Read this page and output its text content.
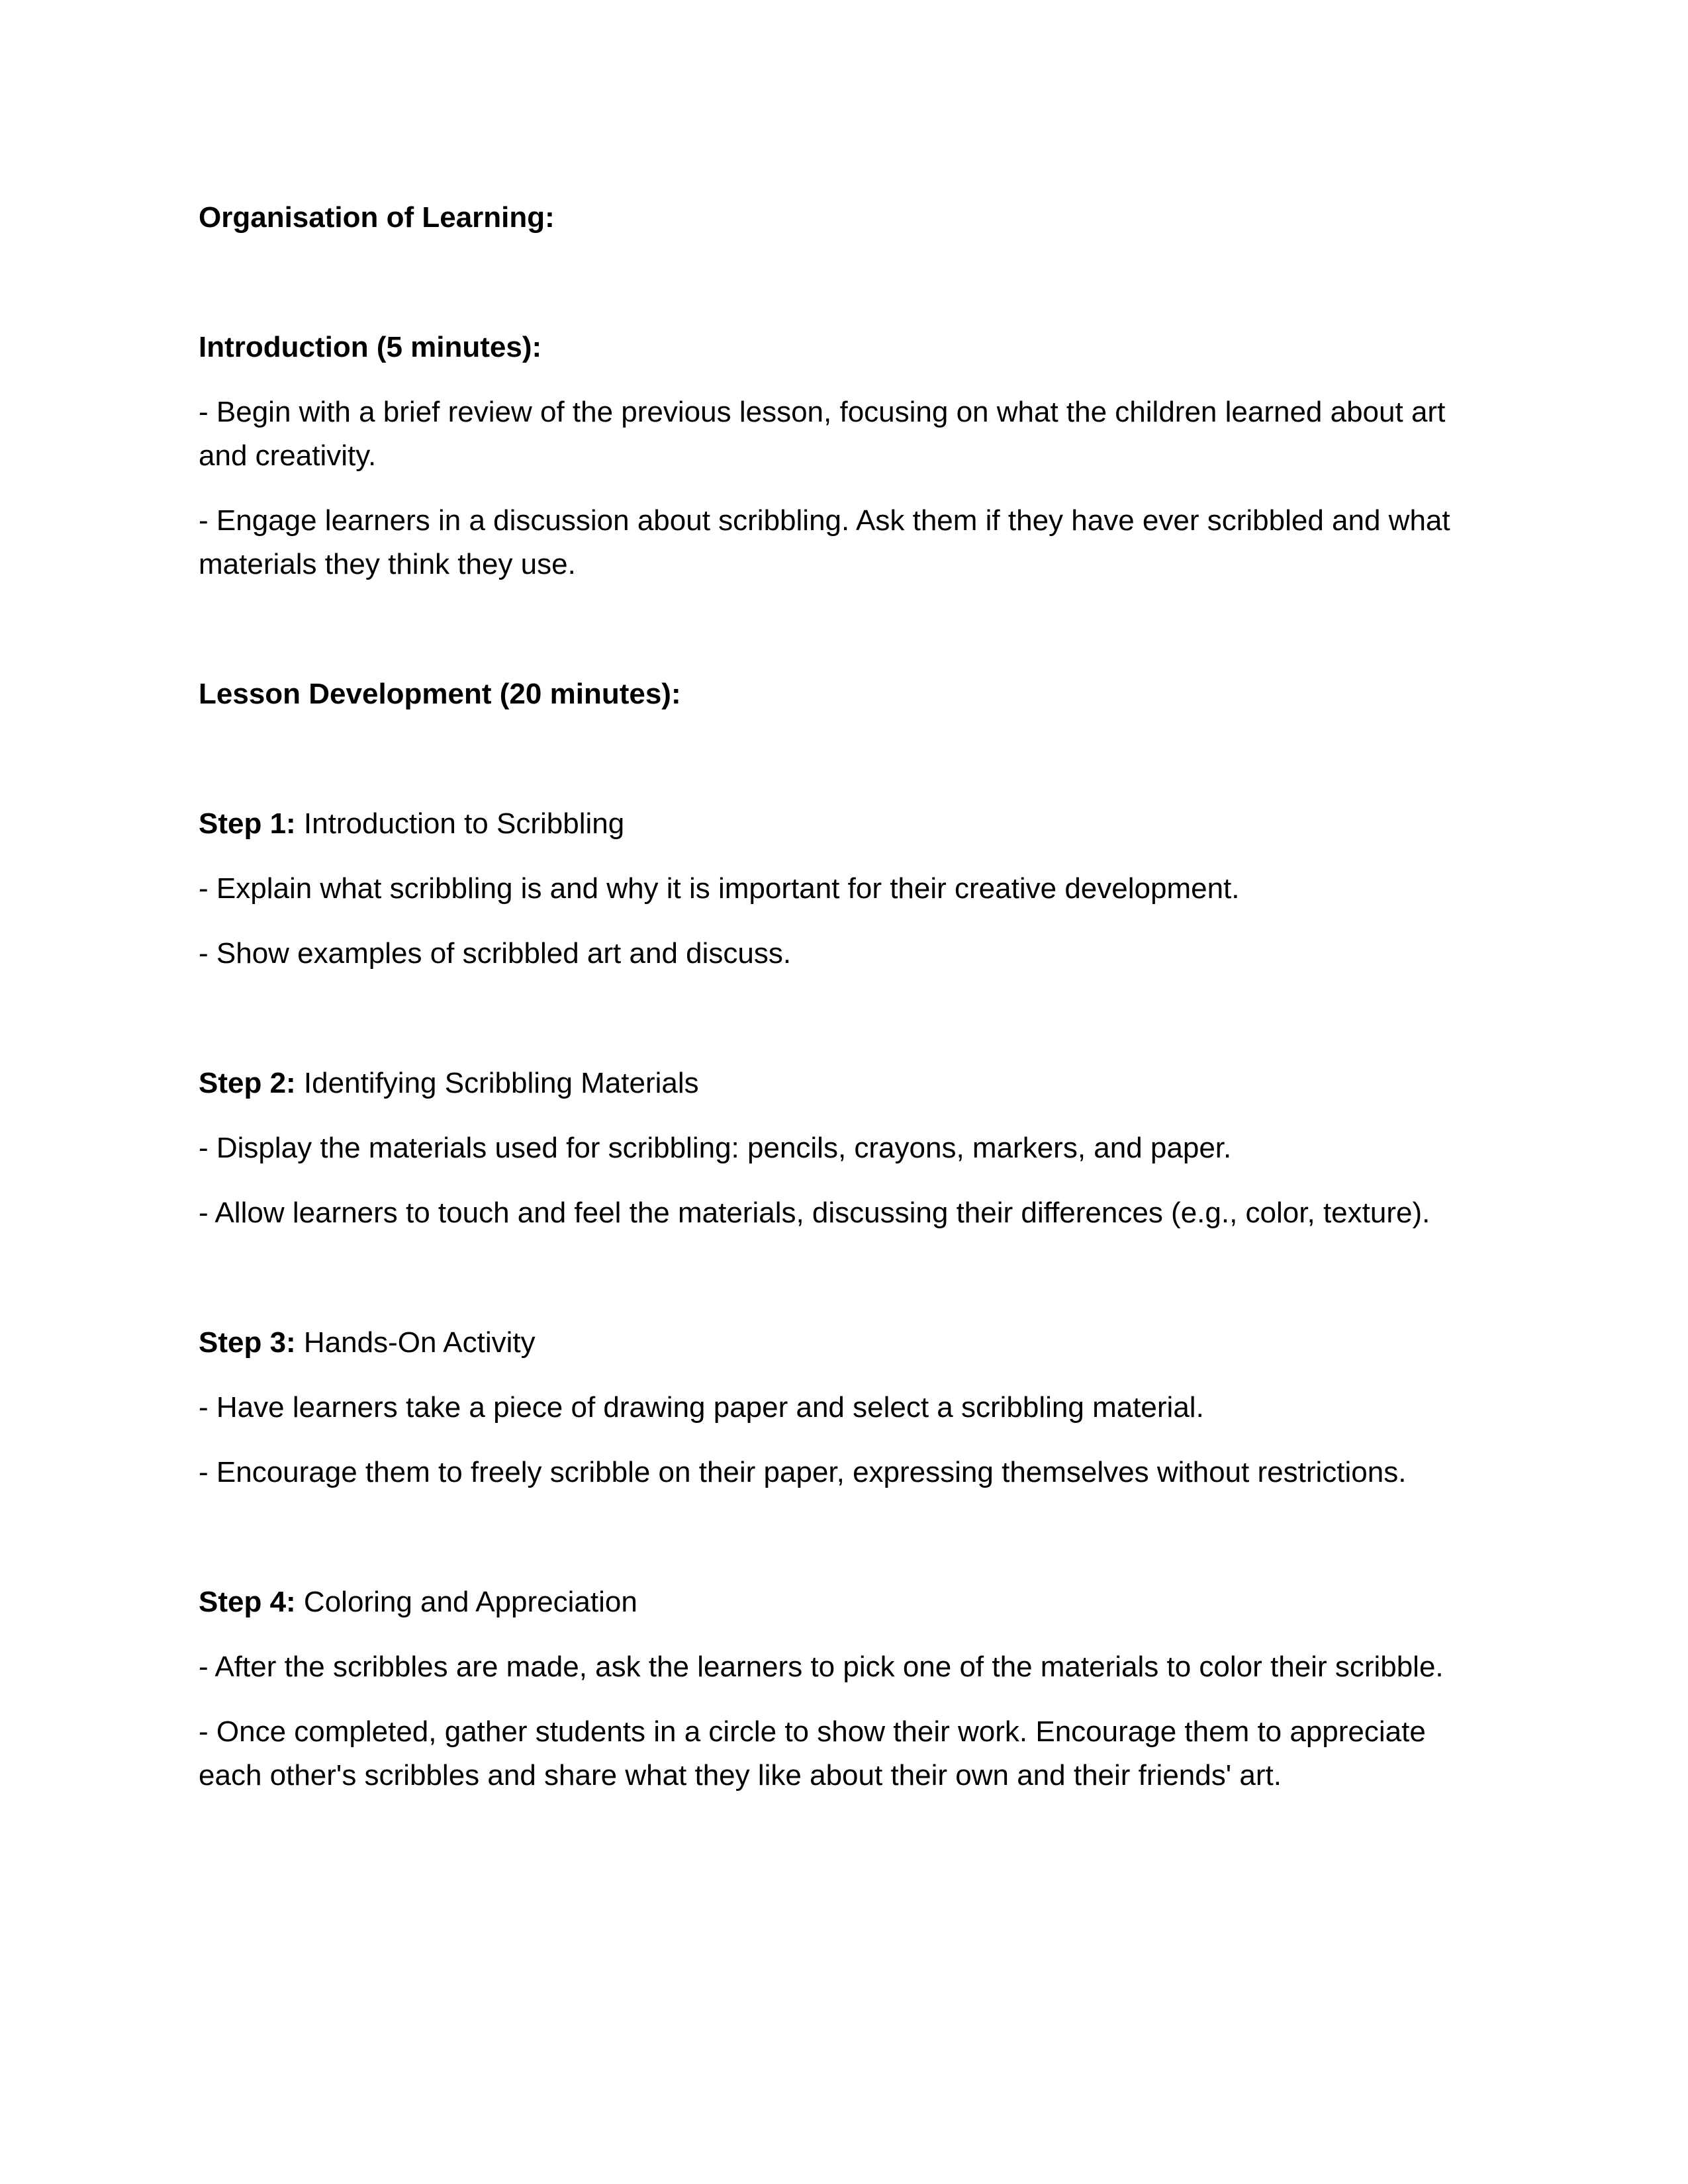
Organisation of Learning:

Introduction (5 minutes):

- Begin with a brief review of the previous lesson, focusing on what the children learned about art and creativity.

- Engage learners in a discussion about scribbling. Ask them if they have ever scribbled and what materials they think they use.

Lesson Development (20 minutes):

Step 1: Introduction to Scribbling

- Explain what scribbling is and why it is important for their creative development.

- Show examples of scribbled art and discuss.

Step 2: Identifying Scribbling Materials

- Display the materials used for scribbling: pencils, crayons, markers, and paper.

- Allow learners to touch and feel the materials, discussing their differences (e.g., color, texture).

Step 3: Hands-On Activity

- Have learners take a piece of drawing paper and select a scribbling material.

- Encourage them to freely scribble on their paper, expressing themselves without restrictions.

Step 4: Coloring and Appreciation

- After the scribbles are made, ask the learners to pick one of the materials to color their scribble.

- Once completed, gather students in a circle to show their work. Encourage them to appreciate each other's scribbles and share what they like about their own and their friends' art.
